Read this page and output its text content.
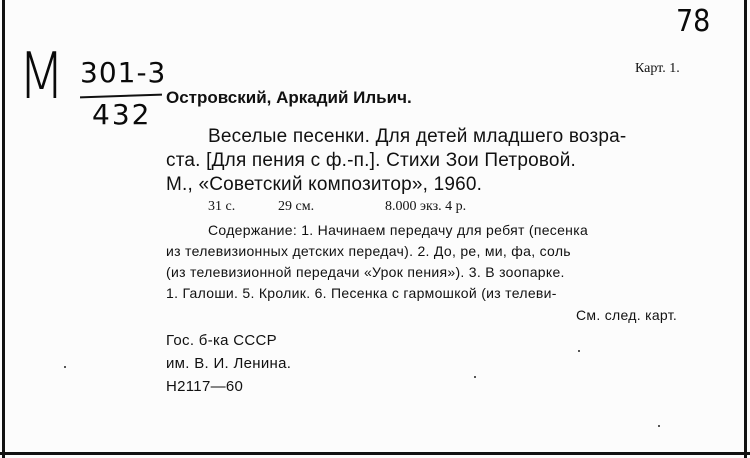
М 301-3
432
78
Карт. 1.
Островский, Аркадий Ильич.
Веселые песенки. Для детей младшего возра-
ста. [Для пения с ф.-п.]. Стихи Зои Петровой.
М., «Советский композитор», 1960.
31 с.	29 см.	8.000 экз. 4 р.
Содержание: 1. Начинаем передачу для ребят (песенка
из телевизионных детских передач). 2. До, ре, ми, фа, соль
(из телевизионной передачи «Урок пения»). 3. В зоопарке.
1. Галоши. 5. Кролик. 6. Песенка с гармошкой (из телеви-
См. след. карт.
Гос. б-ка СССР
им. В. И. Ленина.
Н2117—60
